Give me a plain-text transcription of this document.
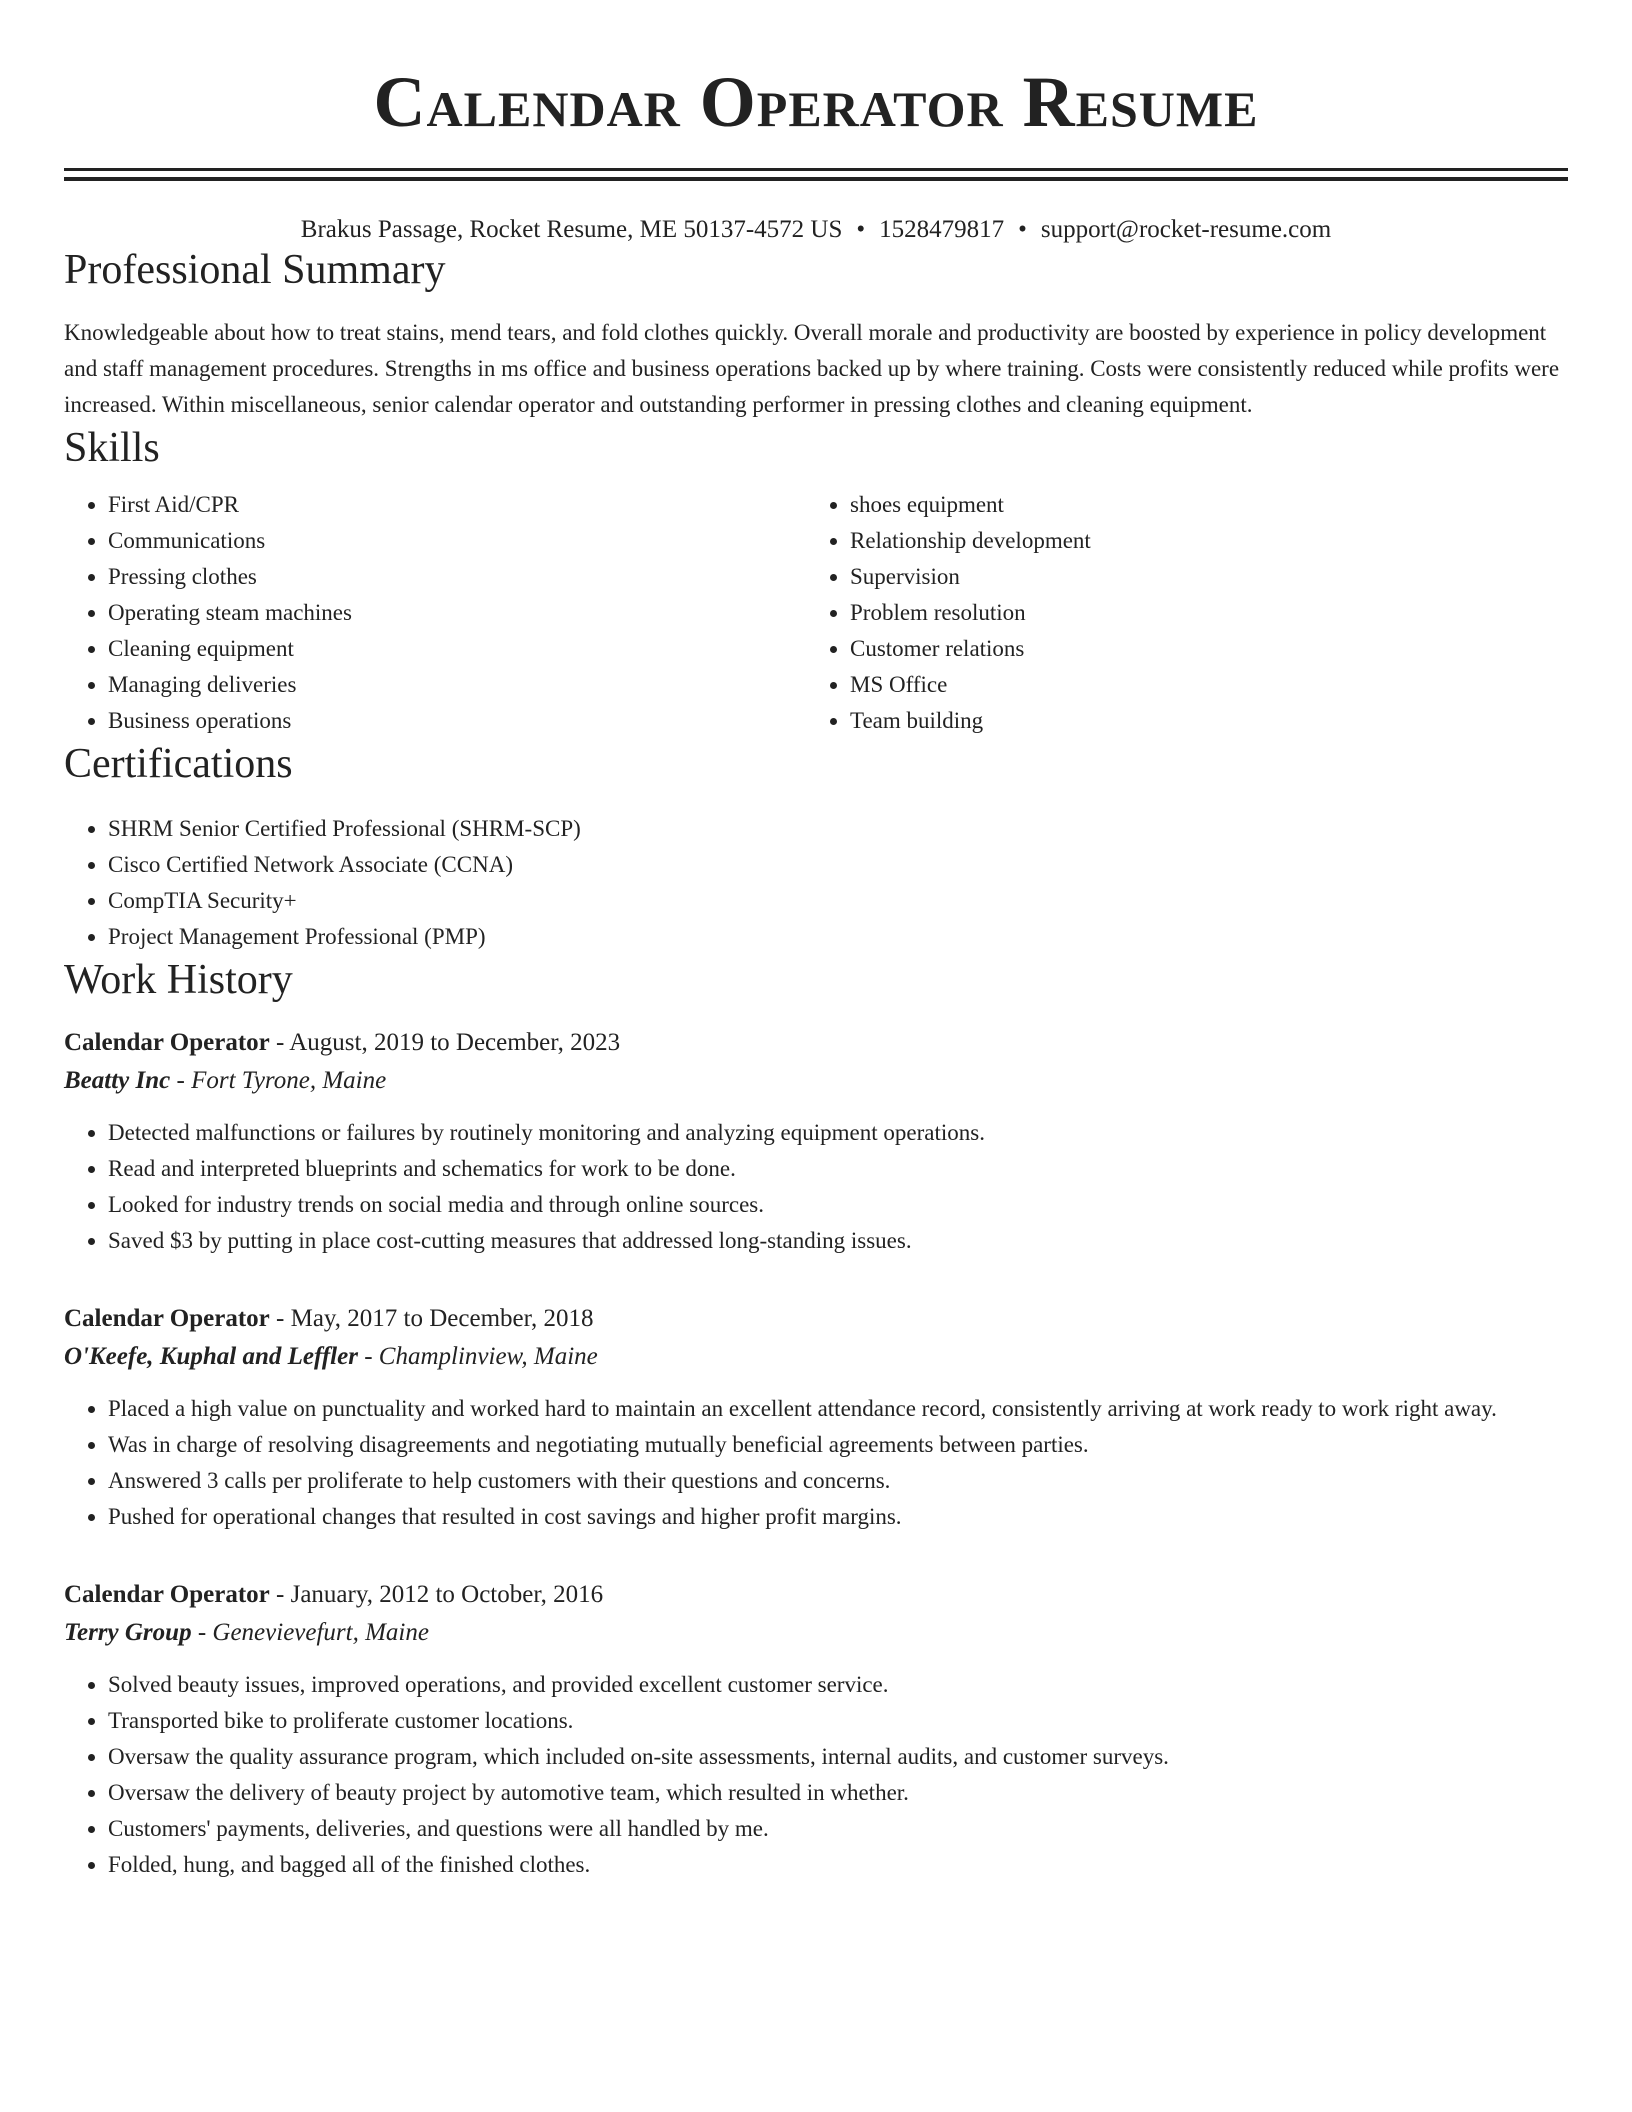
Calendar Operator Resume
Brakus Passage, Rocket Resume, ME 50137-4572 US • 1528479817 • support@rocket-resume.com
Professional Summary

Knowledgeable about how to treat stains, mend tears, and fold clothes quickly. Overall morale and productivity are boosted by experience in policy development and staff management procedures. Strengths in ms office and business operations backed up by where training. Costs were consistently reduced while profits were increased. Within miscellaneous, senior calendar operator and outstanding performer in pressing clothes and cleaning equipment.

Skills
• First Aid/CPR
• Communications
• Pressing clothes
• Operating steam machines
• Cleaning equipment
• Managing deliveries
• Business operations
• shoes equipment
• Relationship development
• Supervision
• Problem resolution
• Customer relations
• MS Office
• Team building
Certifications
• SHRM Senior Certified Professional (SHRM-SCP)
• Cisco Certified Network Associate (CCNA)
• CompTIA Security+
• Project Management Professional (PMP)
Work History
Calendar Operator - August, 2019 to December, 2023
Beatty Inc - Fort Tyrone, Maine
• Detected malfunctions or failures by routinely monitoring and analyzing equipment operations.
• Read and interpreted blueprints and schematics for work to be done.
• Looked for industry trends on social media and through online sources.
• Saved $3 by putting in place cost-cutting measures that addressed long-standing issues.
Calendar Operator - May, 2017 to December, 2018
O'Keefe, Kuphal and Leffler - Champlinview, Maine
• Placed a high value on punctuality and worked hard to maintain an excellent attendance record, consistently arriving at work ready to work right away.
• Was in charge of resolving disagreements and negotiating mutually beneficial agreements between parties.
• Answered 3 calls per proliferate to help customers with their questions and concerns.
• Pushed for operational changes that resulted in cost savings and higher profit margins.
Calendar Operator - January, 2012 to October, 2016
Terry Group - Genevievefurt, Maine
• Solved beauty issues, improved operations, and provided excellent customer service.
• Transported bike to proliferate customer locations.
• Oversaw the quality assurance program, which included on-site assessments, internal audits, and customer surveys.
• Oversaw the delivery of beauty project by automotive team, which resulted in whether.
• Customers' payments, deliveries, and questions were all handled by me.
• Folded, hung, and bagged all of the finished clothes.
